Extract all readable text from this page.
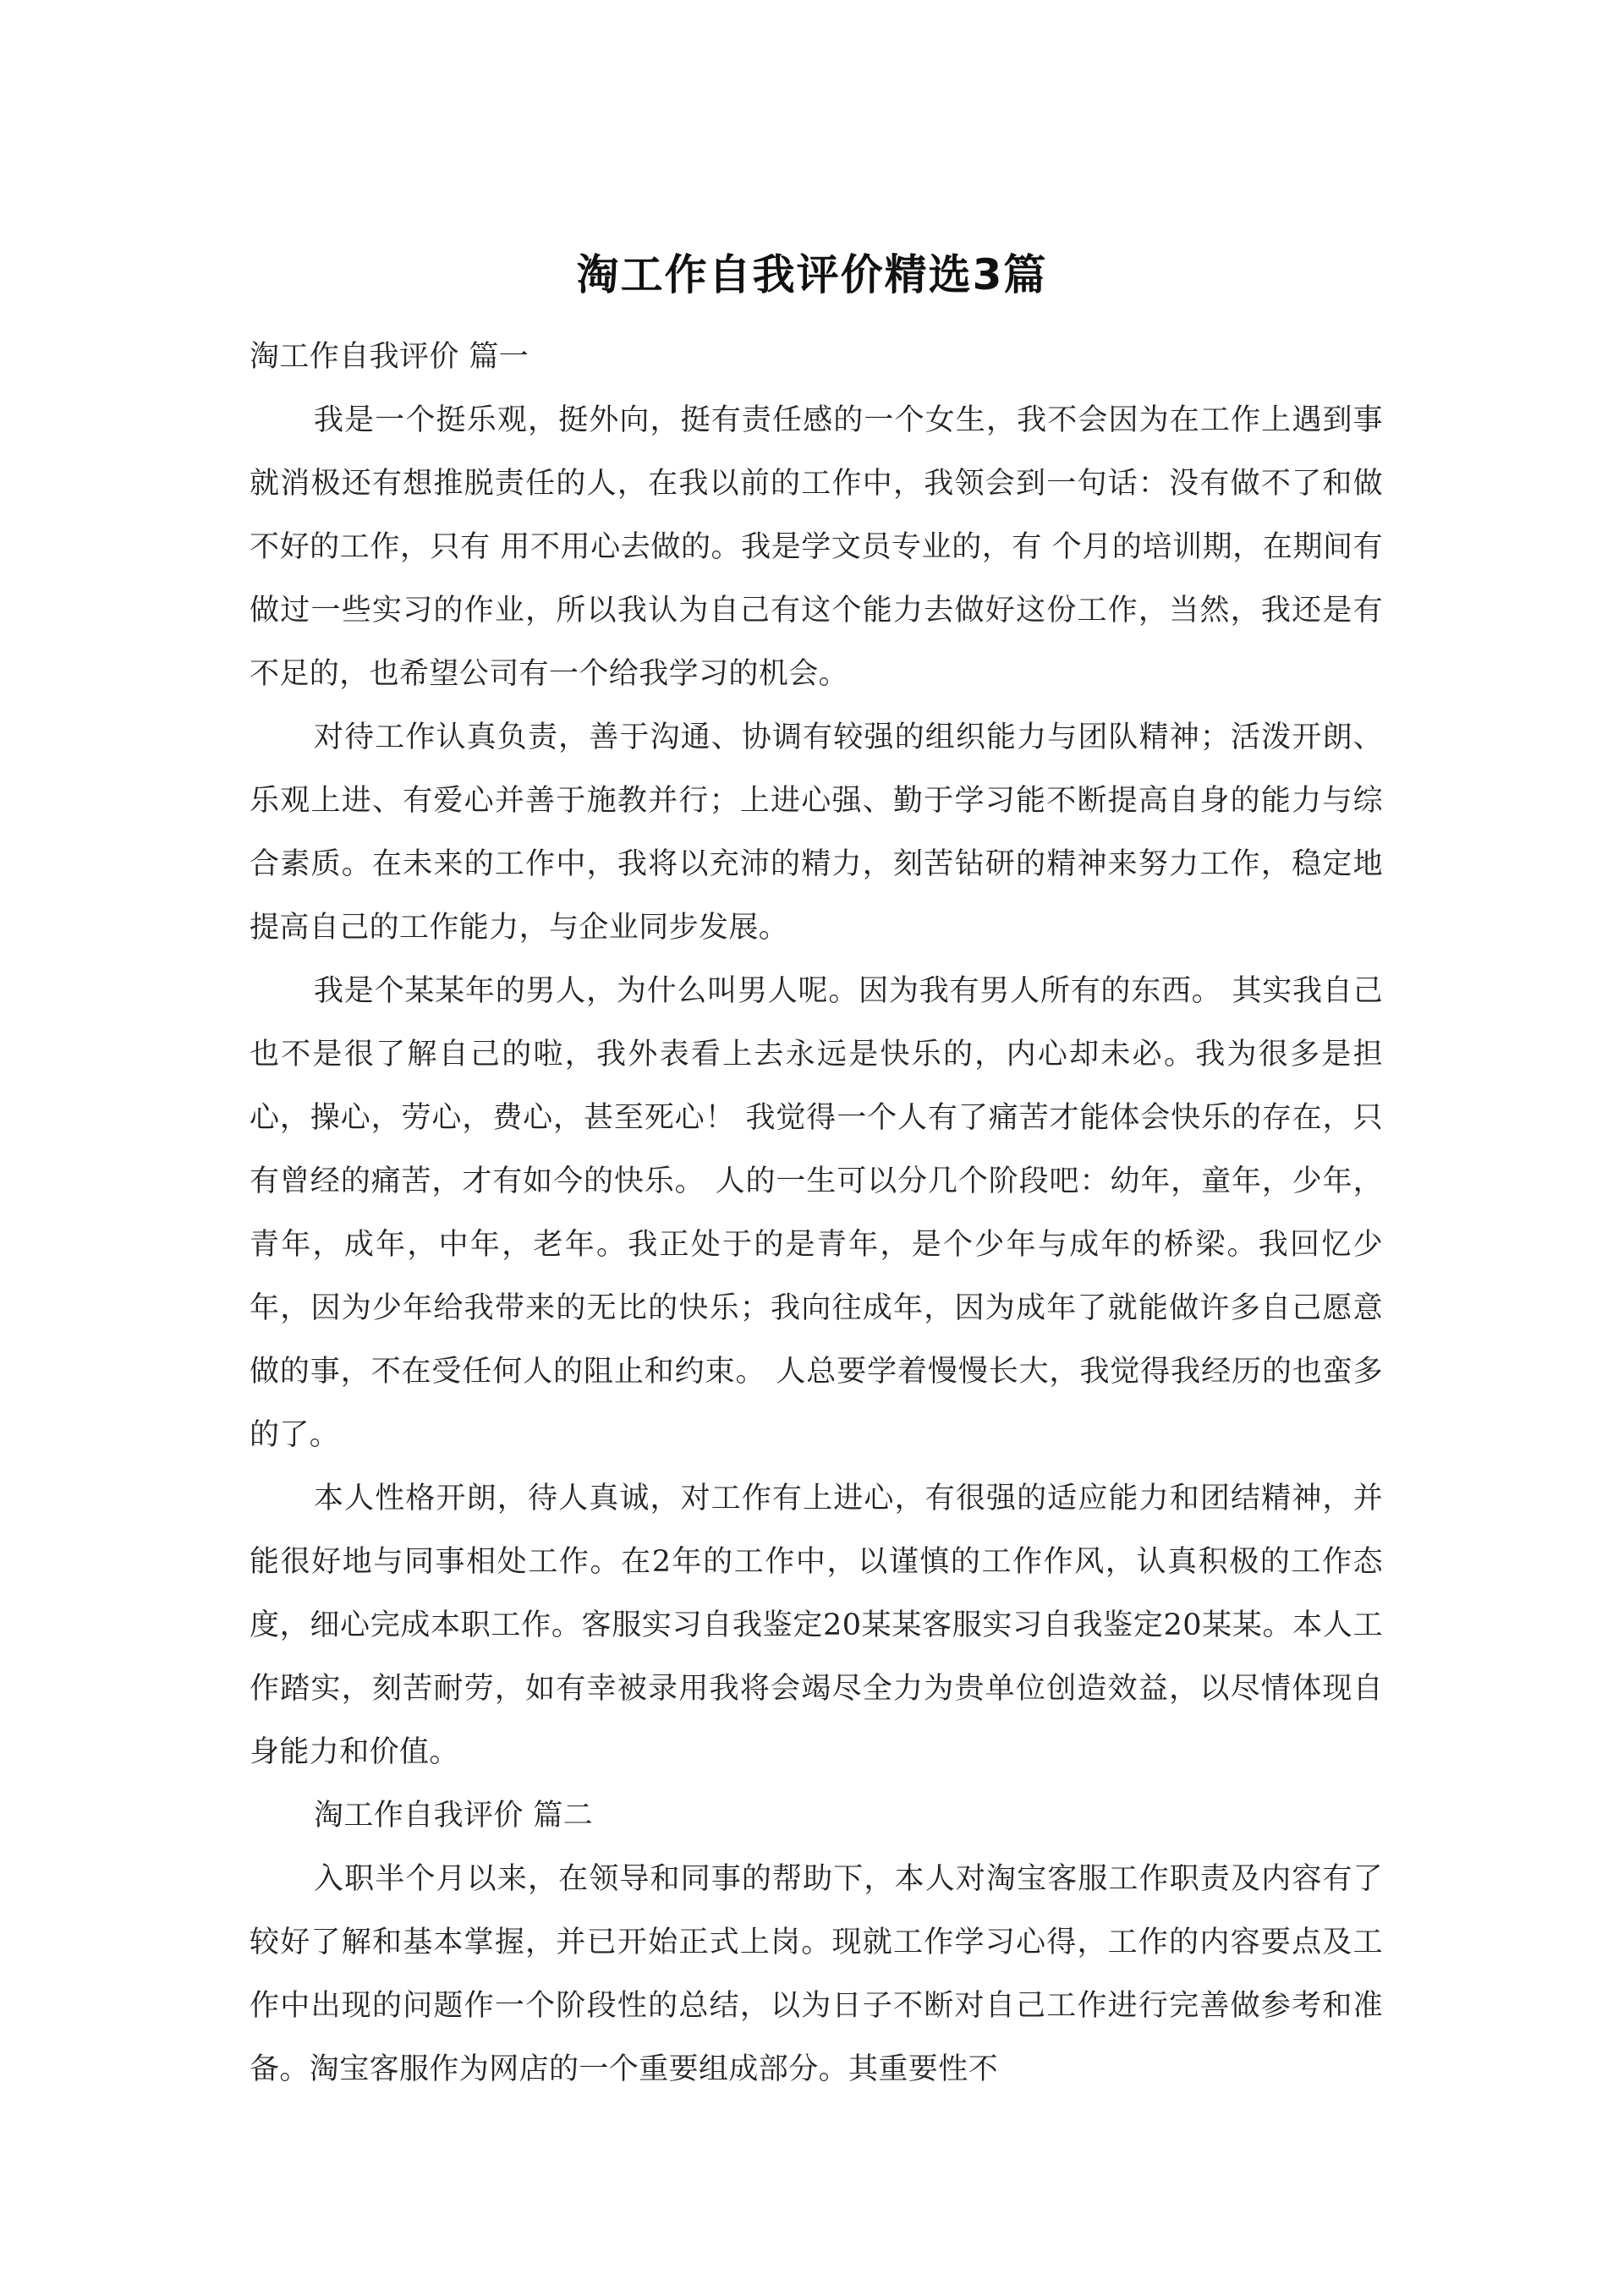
淘工作自我评价精选3篇

淘工作自我评价 篇一

我是一个挺乐观，挺外向，挺有责任感的一个女生，我不会因为在工作上遇到事就消极还有想推脱责任的人，在我以前的工作中，我领会到一句话：没有做不了和做不好的工作，只有 用不用心去做的。我是学文员专业的，有 个月的培训期，在期间有做过一些实习的作业，所以我认为自己有这个能力去做好这份工作，当然，我还是有不足的，也希望公司有一个给我学习的机会。

对待工作认真负责，善于沟通、协调有较强的组织能力与团队精神；活泼开朗、乐观上进、有爱心并善于施教并行；上进心强、勤于学习能不断提高自身的能力与综合素质。在未来的工作中，我将以充沛的精力，刻苦钻研的精神来努力工作，稳定地提高自己的工作能力，与企业同步发展。

我是个某某年的男人，为什么叫男人呢。因为我有男人所有的东西。 其实我自己也不是很了解自己的啦，我外表看上去永远是快乐的，内心却未必。我为很多是担心，操心，劳心，费心，甚至死心！ 我觉得一个人有了痛苦才能体会快乐的存在，只有曾经的痛苦，才有如今的快乐。 人的一生可以分几个阶段吧：幼年，童年，少年，青年，成年，中年，老年。我正处于的是青年，是个少年与成年的桥梁。我回忆少年，因为少年给我带来的无比的快乐；我向往成年，因为成年了就能做许多自己愿意做的事，不在受任何人的阻止和约束。 人总要学着慢慢长大，我觉得我经历的也蛮多的了。

本人性格开朗，待人真诚，对工作有上进心，有很强的适应能力和团结精神，并能很好地与同事相处工作。在2年的工作中，以谨慎的工作作风，认真积极的工作态度，细心完成本职工作。客服实习自我鉴定20某某客服实习自我鉴定20某某。本人工作踏实，刻苦耐劳，如有幸被录用我将会竭尽全力为贵单位创造效益，以尽情体现自身能力和价值。

淘工作自我评价 篇二

入职半个月以来，在领导和同事的帮助下，本人对淘宝客服工作职责及内容有了较好了解和基本掌握，并已开始正式上岗。现就工作学习心得，工作的内容要点及工作中出现的问题作一个阶段性的总结，以为日子不断对自己工作进行完善做参考和准备。淘宝客服作为网店的一个重要组成部分。其重要性不
